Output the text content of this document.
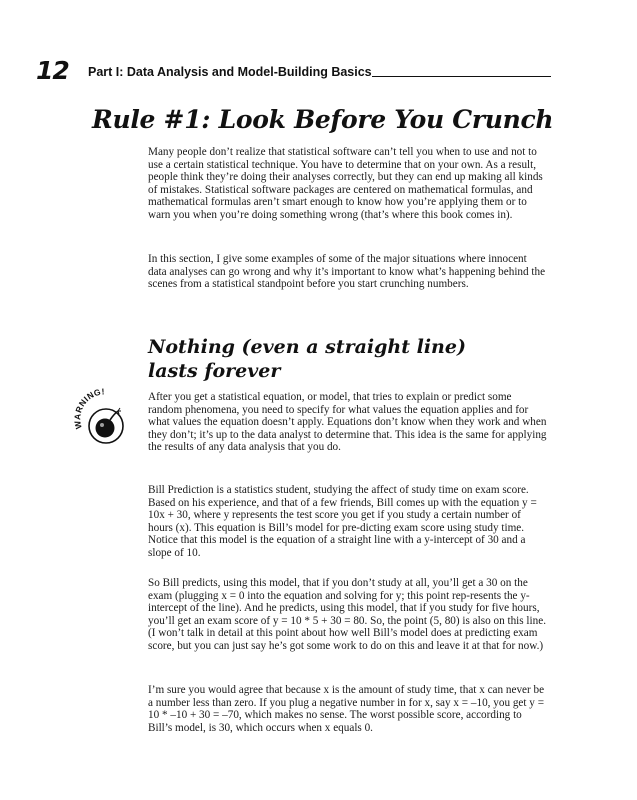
12 Part I: Data Analysis and Model-Building Basics
Rule #1: Look Before You Crunch

Many people don’t realize that statistical software can’t tell you when to use and not to use a certain statistical technique. You have to determine that on your own. As a result, people think they’re doing their analyses correctly, but they can end up making all kinds of mistakes. Statistical software packages are centered on mathematical formulas, and mathematical formulas aren’t smart enough to know how you’re applying them or to warn you when you’re doing something wrong (that’s where this book comes in).

In this section, I give some examples of some of the major situations where innocent data analyses can go wrong and why it’s important to know what’s happening behind the scenes from a statistical standpoint before you start crunching numbers.

Nothing (even a straight line)
lasts forever
RNING!	After you get a statistical equation, or model, that tries to explain or predict some random phenomena, you need to specify for what values the equation applies and for what values the equation doesn’t apply. Equations don’t know when they work and when they don’t; it’s up to the data analyst to determine that. This idea is the same for applying the results of any data analysis that you do.

Bill Prediction is a statistics student, studying the affect of study time on exam score. Based on his experience, and that of a few friends, Bill comes up with the equation y = 10x + 30, where y represents the test score you get if you study a certain number of hours (x). This equation is Bill’s model for pre-dicting exam score using study time. Notice that this model is the equation of a straight line with a y-intercept of 30 and a slope of 10.

So Bill predicts, using this model, that if you don’t study at all, you’ll get a 30 on the exam (plugging x = 0 into the equation and solving for y; this point rep-resents the y-intercept of the line). And he predicts, using this model, that if you study for five hours, you’ll get an exam score of y = 10 * 5 + 30 = 80. So, the point (5, 80) is also on this line. (I won’t talk in detail at this point about how well Bill’s model does at predicting exam score, but you can just say he’s got some work to do on this and leave it at that for now.)

I’m sure you would agree that because x is the amount of study time, that x can never be a number less than zero. If you plug a negative number in for x, say x = –10, you get y = 10 * –10 + 30 = –70, which makes no sense. The worst possible score, according to Bill’s model, is 30, which occurs when x equals 0.
